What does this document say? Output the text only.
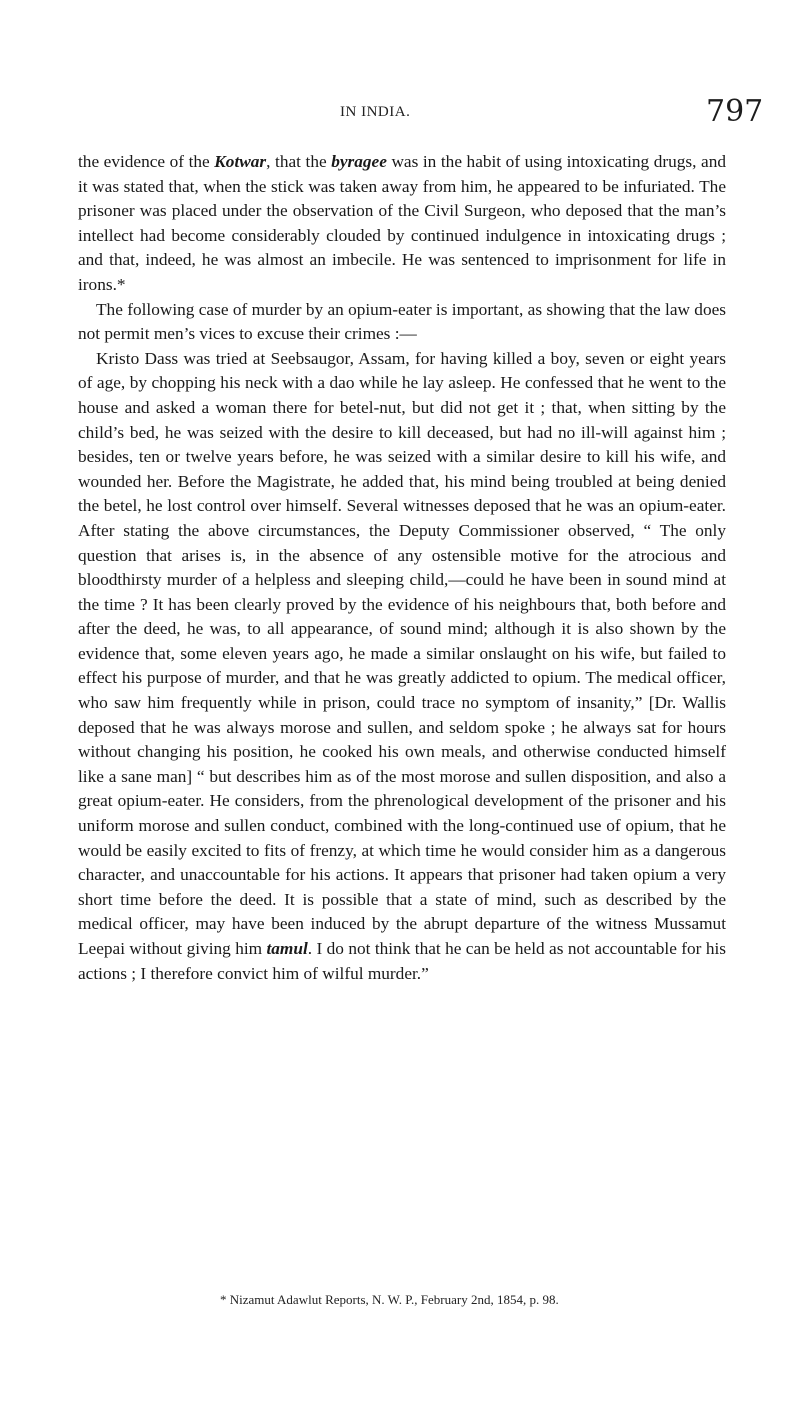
IN INDIA.	797

the evidence of the Kotwar, that the byragee was in the habit of using intoxicating drugs, and it was stated that, when the stick was taken away from him, he appeared to be infuriated. The prisoner was placed under the observation of the Civil Surgeon, who deposed that the man’s intellect had become considerably clouded by continued indulgence in intoxicating drugs ; and that, indeed, he was almost an imbecile. He was sentenced to imprisonment for life in irons.*

The following case of murder by an opium-eater is important, as showing that the law does not permit men’s vices to excuse their crimes :—

Kristo Dass was tried at Seebsaugor, Assam, for having killed a boy, seven or eight years of age, by chopping his neck with a dao while he lay asleep. He confessed that he went to the house and asked a woman there for betel-nut, but did not get it ; that, when sitting by the child’s bed, he was seized with the desire to kill deceased, but had no ill-will against him ; besides, ten or twelve years before, he was seized with a similar desire to kill his wife, and wounded her. Before the Magistrate, he added that, his mind being troubled at being denied the betel, he lost control over himself. Several witnesses deposed that he was an opium-eater. After stating the above circumstances, the Deputy Commissioner observed, “ The only question that arises is, in the absence of any ostensible motive for the atrocious and bloodthirsty murder of a helpless and sleeping child,—could he have been in sound mind at the time ? It has been clearly proved by the evidence of his neighbours that, both before and after the deed, he was, to all appearance, of sound mind; although it is also shown by the evidence that, some eleven years ago, he made a similar onslaught on his wife, but failed to effect his purpose of murder, and that he was greatly addicted to opium. The medical officer, who saw him frequently while in prison, could trace no symptom of insanity,” [Dr. Wallis deposed that he was always morose and sullen, and seldom spoke ; he always sat for hours without changing his position, he cooked his own meals, and otherwise conducted himself like a sane man] “ but describes him as of the most morose and sullen disposition, and also a great opium-eater. He considers, from the phrenological development of the prisoner and his uniform morose and sullen conduct, combined with the long-continued use of opium, that he would be easily excited to fits of frenzy, at which time he would consider him as a dangerous character, and unaccountable for his actions. It appears that prisoner had taken opium a very short time before the deed. It is possible that a state of mind, such as described by the medical officer, may have been induced by the abrupt departure of the witness Mussamut Leepai without giving him tamul. I do not think that he can be held as not accountable for his actions ; I therefore convict him of wilful murder.”

* Nizamut Adawlut Reports, N. W. P., February 2nd, 1854, p. 98.
